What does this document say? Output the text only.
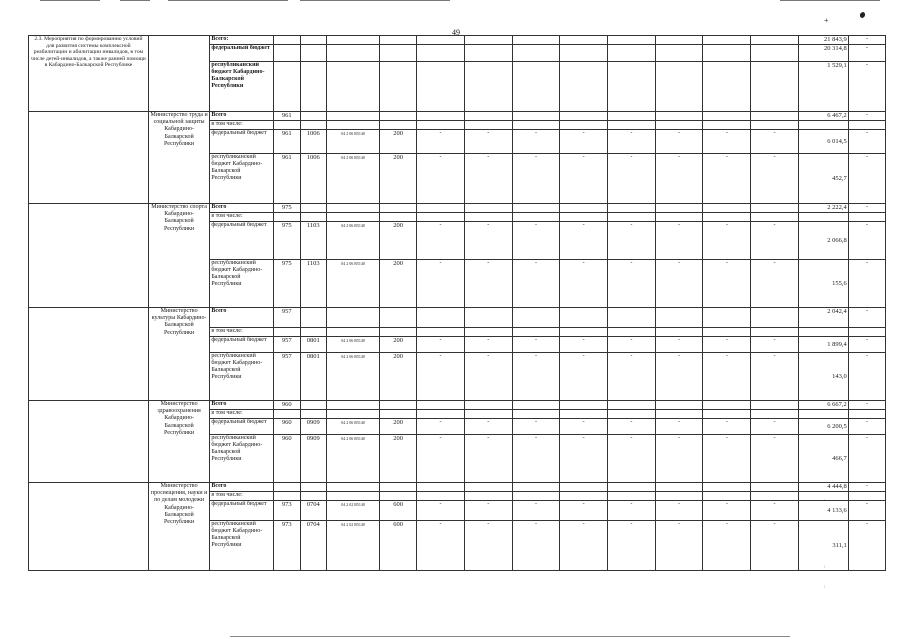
49
+
'
:
:
2.3. Мероприятия по формированию условий для развития системы комплексной реабилитации и абилитации инвалидов, в том числе детей-инвалидов, а также ранней помощи в Кабардино-Балкарской Республике		Всего:													21 843,9	-
		федеральный бюджет													20 314,8	-
		республиканский бюджет Кабардино-Балкарской Республики													1 529,1	-
	Министерство труда и социальной защиты Кабардино-Балкарской Республики	Всего	961												6 467,2	-
		в том числе:														
		федеральный бюджет	961	1006	04 2 06 R5140	200	-	-	-	-	-	-	-	-	6 014,5	-
		республиканский бюджет Кабардино-Балкарской Республики	961	1006	04 2 06 R5140	200	-	-	-	-	-	-	-	-	452,7	-
	Министерство спорта Кабардино-Балкарской Республики	Всего	975												2 222,4	-
		в том числе:														
		федеральный бюджет	975	1103	04 2 06 R5140	200	-	-	-	-	-	-	-	-	2 066,8	-
		республиканский бюджет Кабардино-Балкарской Республики	975	1103	04 2 06 R5140	200	-	-	-	-	-	-	-	-	155,6	-
	Министерство культуры Кабардино-Балкарской Республики	Всего	957												2 042,4	-
		в том числе:														
		федеральный бюджет	957	0801	04 2 06 R5140	200	-	-	-	-	-	-	-	-	1 899,4	-
		республиканский бюджет Кабардино-Балкарской Республики	957	0801	04 2 06 R5140	200	-	-	-	-	-	-	-	-	143,0	-
	Министерство здравоохранения Кабардино-Балкарской Республики	Всего	960												6 667,2	-
		в том числе:														
		федеральный бюджет	960	0909	04 2 06 R5140	200	-	-	-	-	-	-	-	-	6 200,5	-
		республиканский бюджет Кабардино-Балкарской Республики	960	0909	04 2 06 R5140	200	-	-	-	-	-	-	-	-	466,7	-
	Министерство просвещения, науки и по делам молодежи Кабардино-Балкарской Республики	Всего													4 444,8	-
		в том числе:														
		федеральный бюджет	973	0704	04 2 02 R5140	600	-	-	-	-	-	-	-	-	4 133,6	-
		республиканский бюджет Кабардино-Балкарской Республики	973	0704	04 2 02 R5140	600	-	-	-	-	-	-	-	-	311,1	-
